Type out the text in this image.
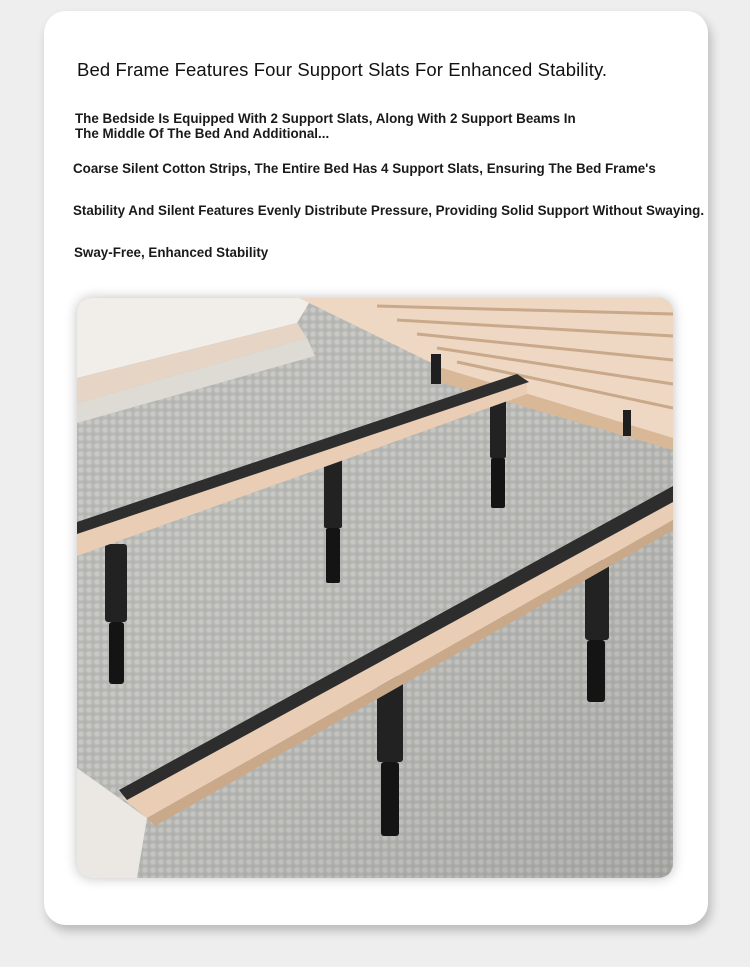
Bed Frame Features Four Support Slats For Enhanced Stability.

The Bedside Is Equipped With 2 Support Slats, Along With 2 Support Beams In The Middle Of The Bed And Additional...

Coarse Silent Cotton Strips, The Entire Bed Has 4 Support Slats, Ensuring The Bed Frame's

Stability And Silent Features Evenly Distribute Pressure, Providing Solid Support Without Swaying.

Sway-Free, Enhanced Stability
